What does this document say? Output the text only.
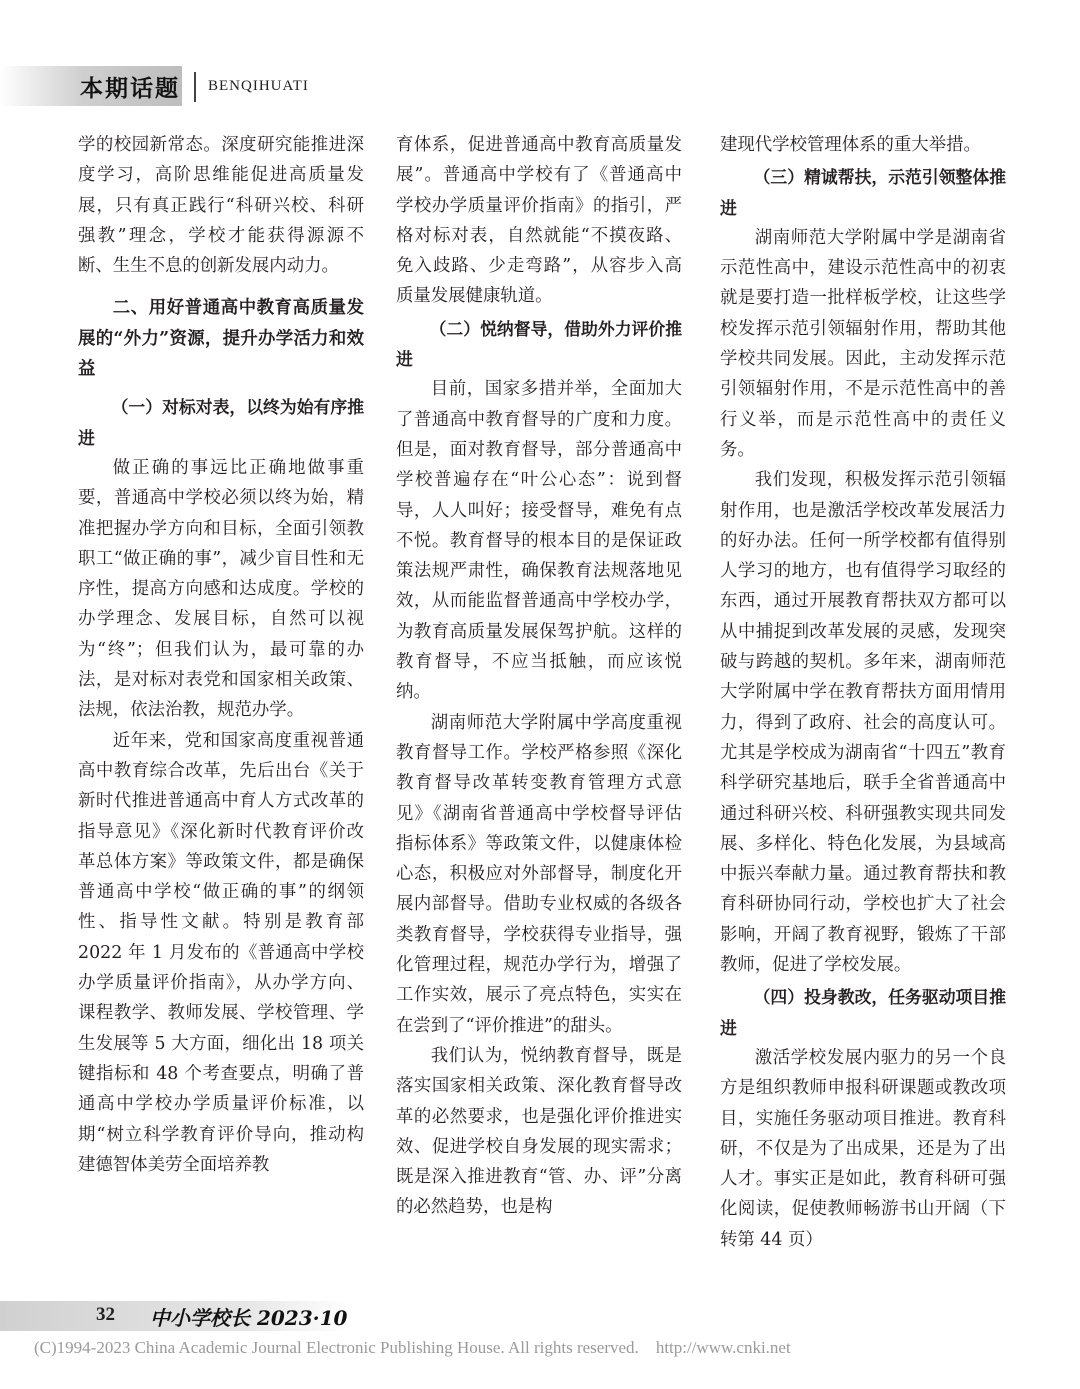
本期话题 BENQIHUATI

学的校园新常态。深度研究能推进深度学习，高阶思维能促进高质量发展，只有真正践行“科研兴校、科研强教”理念，学校才能获得源源不断、生生不息的创新发展内动力。

二、用好普通高中教育高质量发展的“外力”资源，提升办学活力和效益

（一）对标对表，以终为始有序推进

做正确的事远比正确地做事重要，普通高中学校必须以终为始，精准把握办学方向和目标，全面引领教职工“做正确的事”，减少盲目性和无序性，提高方向感和达成度。学校的办学理念、发展目标，自然可以视为“终”；但我们认为，最可靠的办法，是对标对表党和国家相关政策、法规，依法治教，规范办学。

近年来，党和国家高度重视普通高中教育综合改革，先后出台《关于新时代推进普通高中育人方式改革的指导意见》《深化新时代教育评价改革总体方案》等政策文件，都是确保普通高中学校“做正确的事”的纲领性、指导性文献。特别是教育部 2022 年 1 月发布的《普通高中学校办学质量评价指南》，从办学方向、课程教学、教师发展、学校管理、学生发展等 5 大方面，细化出 18 项关键指标和 48 个考查要点，明确了普通高中学校办学质量评价标准，以期“树立科学教育评价导向，推动构建德智体美劳全面培养教

育体系，促进普通高中教育高质量发展”。普通高中学校有了《普通高中学校办学质量评价指南》的指引，严格对标对表，自然就能“不摸夜路、免入歧路、少走弯路”，从容步入高质量发展健康轨道。

（二）悦纳督导，借助外力评价推进

目前，国家多措并举，全面加大了普通高中教育督导的广度和力度。但是，面对教育督导，部分普通高中学校普遍存在“叶公心态”：说到督导，人人叫好；接受督导，难免有点不悦。教育督导的根本目的是保证政策法规严肃性，确保教育法规落地见效，从而能监督普通高中学校办学，为教育高质量发展保驾护航。这样的教育督导，不应当抵触，而应该悦纳。

湖南师范大学附属中学高度重视教育督导工作。学校严格参照《深化教育督导改革转变教育管理方式意见》《湖南省普通高中学校督导评估指标体系》等政策文件，以健康体检心态，积极应对外部督导，制度化开展内部督导。借助专业权威的各级各类教育督导，学校获得专业指导，强化管理过程，规范办学行为，增强了工作实效，展示了亮点特色，实实在在尝到了“评价推进”的甜头。

我们认为，悦纳教育督导，既是落实国家相关政策、深化教育督导改革的必然要求，也是强化评价推进实效、促进学校自身发展的现实需求；既是深入推进教育“管、办、评”分离的必然趋势，也是构

建现代学校管理体系的重大举措。

（三）精诚帮扶，示范引领整体推进

湖南师范大学附属中学是湖南省示范性高中，建设示范性高中的初衷就是要打造一批样板学校，让这些学校发挥示范引领辐射作用，帮助其他学校共同发展。因此，主动发挥示范引领辐射作用，不是示范性高中的善行义举，而是示范性高中的责任义务。

我们发现，积极发挥示范引领辐射作用，也是激活学校改革发展活力的好办法。任何一所学校都有值得别人学习的地方，也有值得学习取经的东西，通过开展教育帮扶双方都可以从中捕捉到改革发展的灵感，发现突破与跨越的契机。多年来，湖南师范大学附属中学在教育帮扶方面用情用力，得到了政府、社会的高度认可。尤其是学校成为湖南省“十四五”教育科学研究基地后，联手全省普通高中通过科研兴校、科研强教实现共同发展、多样化、特色化发展，为县域高中振兴奉献力量。通过教育帮扶和教育科研协同行动，学校也扩大了社会影响，开阔了教育视野，锻炼了干部教师，促进了学校发展。

（四）投身教改，任务驱动项目推进

激活学校发展内驱力的另一个良方是组织教师申报科研课题或教改项目，实施任务驱动项目推进。教育科研，不仅是为了出成果，还是为了出人才。事实正是如此，教育科研可强化阅读，促使教师畅游书山开阔（下转第 44 页）

32 中小学校长 2023·10
(C)1994-2023 China Academic Journal Electronic Publishing House. All rights reserved. http://www.cnki.net
